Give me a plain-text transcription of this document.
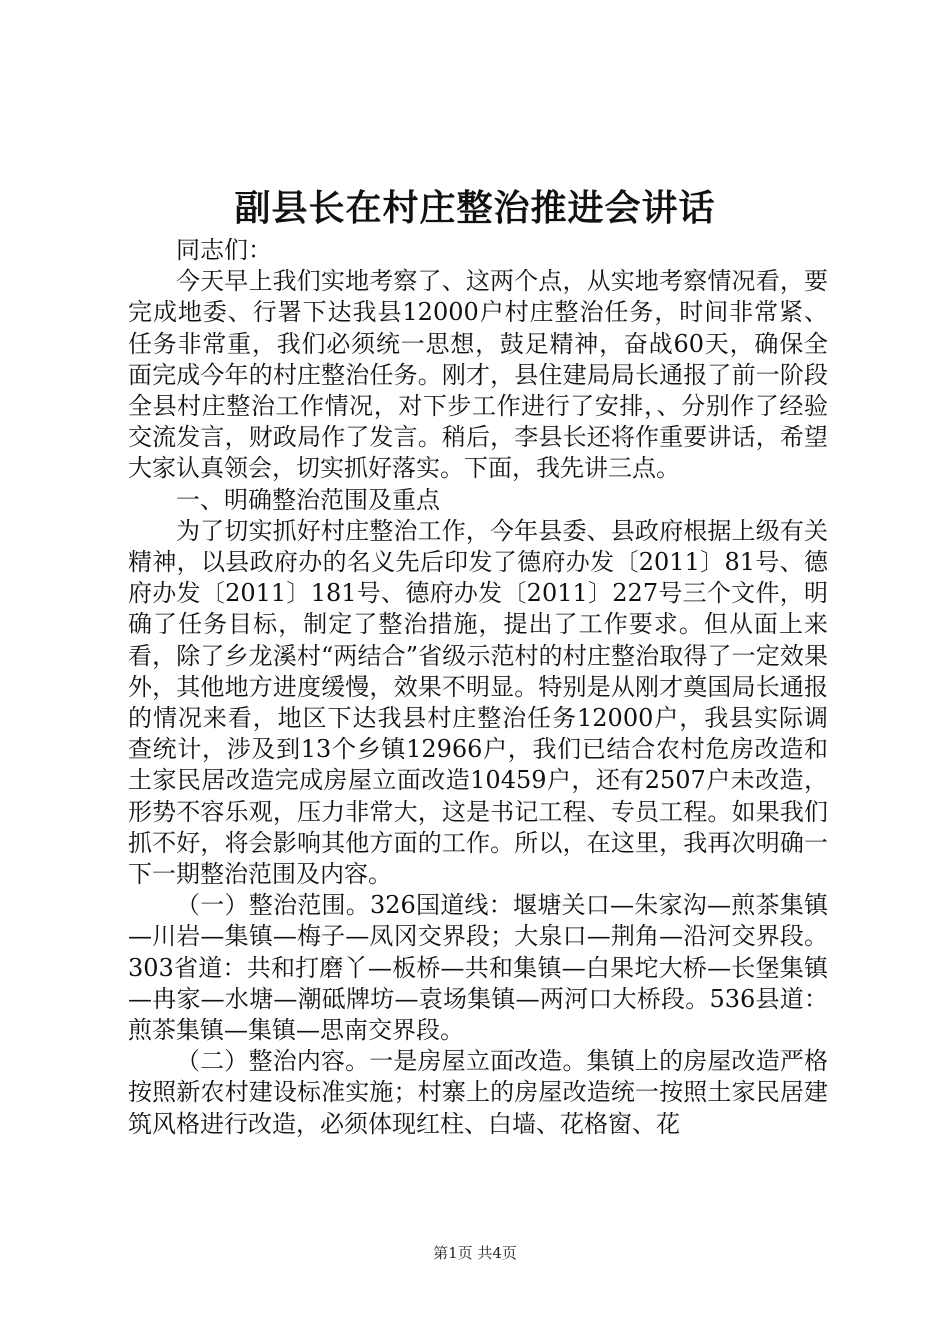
副县长在村庄整治推进会讲话

同志们：

今天早上我们实地考察了、这两个点，从实地考察情况看，要完成地委、行署下达我县12000户村庄整治任务，时间非常紧、任务非常重，我们必须统一思想，鼓足精神，奋战60天，确保全面完成今年的村庄整治任务。刚才，县住建局局长通报了前一阶段全县村庄整治工作情况，对下步工作进行了安排，、分别作了经验交流发言，财政局作了发言。稍后，李县长还将作重要讲话，希望大家认真领会，切实抓好落实。下面，我先讲三点。

一、明确整治范围及重点

为了切实抓好村庄整治工作，今年县委、县政府根据上级有关精神，以县政府办的名义先后印发了德府办发〔2011〕81号、德府办发〔2011〕181号、德府办发〔2011〕227号三个文件，明确了任务目标，制定了整治措施，提出了工作要求。但从面上来看，除了乡龙溪村“两结合”省级示范村的村庄整治取得了一定效果外，其他地方进度缓慢，效果不明显。特别是从刚才奠国局长通报的情况来看，地区下达我县村庄整治任务12000户，我县实际调查统计，涉及到13个乡镇12966户，我们已结合农村危房改造和土家民居改造完成房屋立面改造10459户，还有2507户未改造，形势不容乐观，压力非常大，这是书记工程、专员工程。如果我们抓不好，将会影响其他方面的工作。所以，在这里，我再次明确一下一期整治范围及内容。

（一）整治范围。326国道线：堰塘关口—朱家沟—煎茶集镇—川岩—集镇—梅子—凤冈交界段；大泉口—荆角—沿河交界段。303省道：共和打磨丫—板桥—共和集镇—白果坨大桥—长堡集镇—冉家—水塘—潮砥牌坊—袁场集镇—两河口大桥段。536县道：煎茶集镇—集镇—思南交界段。

（二）整治内容。一是房屋立面改造。集镇上的房屋改造严格按照新农村建设标准实施；村寨上的房屋改造统一按照土家民居建筑风格进行改造，必须体现红柱、白墙、花格窗、花

第1页 共4页
